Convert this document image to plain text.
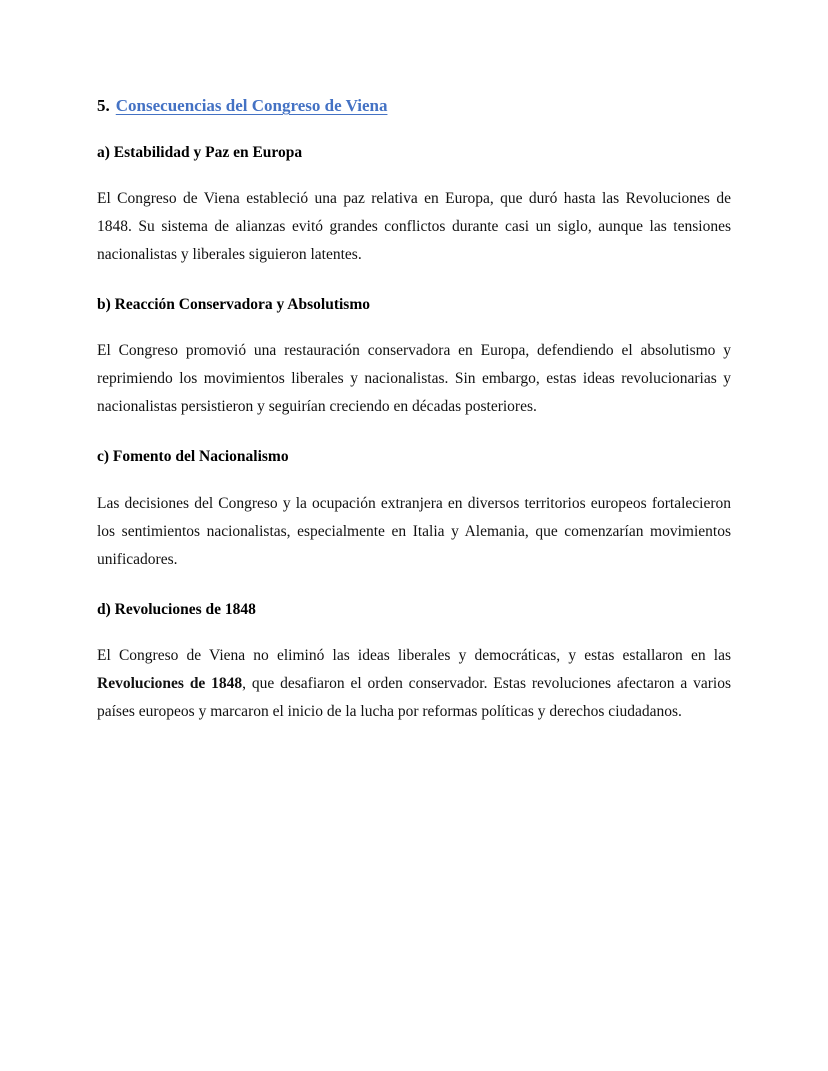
5. Consecuencias del Congreso de Viena
a) Estabilidad y Paz en Europa

El Congreso de Viena estableció una paz relativa en Europa, que duró hasta las Revoluciones de 1848. Su sistema de alianzas evitó grandes conflictos durante casi un siglo, aunque las tensiones nacionalistas y liberales siguieron latentes.

b) Reacción Conservadora y Absolutismo

El Congreso promovió una restauración conservadora en Europa, defendiendo el absolutismo y reprimiendo los movimientos liberales y nacionalistas. Sin embargo, estas ideas revolucionarias y nacionalistas persistieron y seguirían creciendo en décadas posteriores.

c) Fomento del Nacionalismo

Las decisiones del Congreso y la ocupación extranjera en diversos territorios europeos fortalecieron los sentimientos nacionalistas, especialmente en Italia y Alemania, que comenzarían movimientos unificadores.

d) Revoluciones de 1848

El Congreso de Viena no eliminó las ideas liberales y democráticas, y estas estallaron en las Revoluciones de 1848, que desafiaron el orden conservador. Estas revoluciones afectaron a varios países europeos y marcaron el inicio de la lucha por reformas políticas y derechos ciudadanos.
